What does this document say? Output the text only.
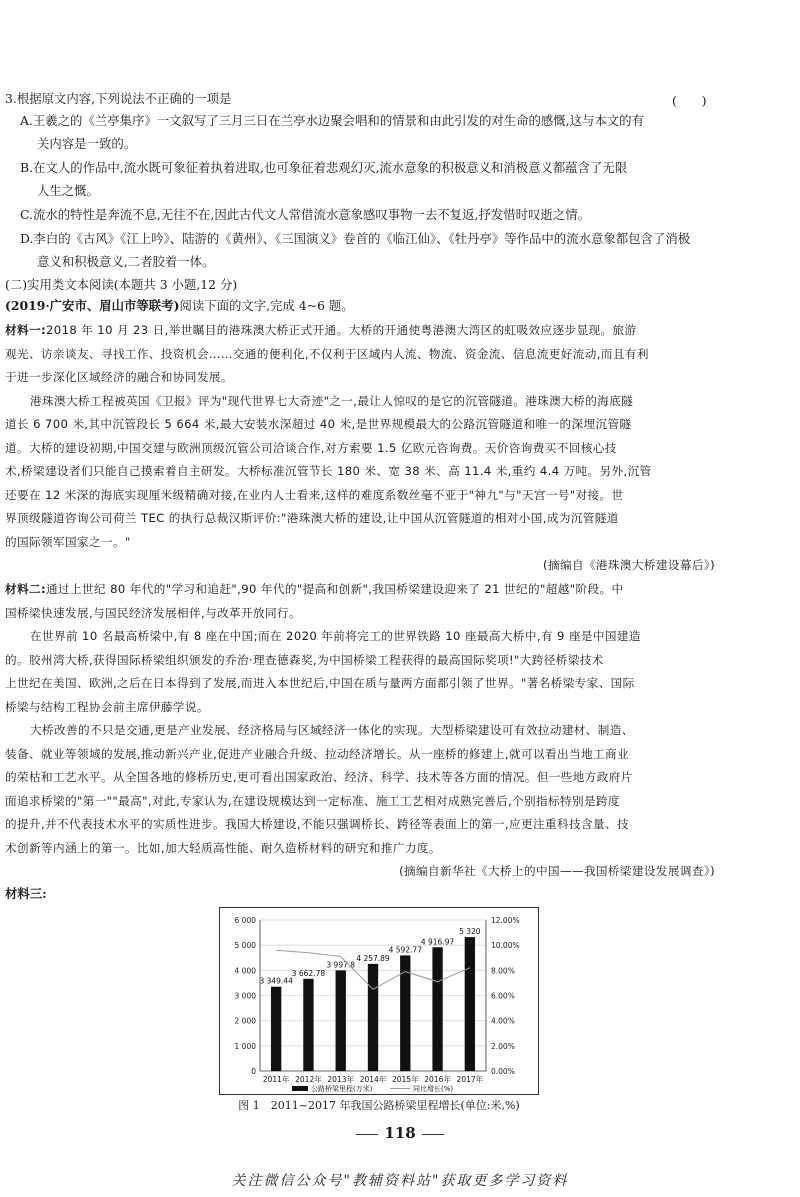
3.根据原文内容,下列说法不正确的一项是	(　　)
A.王羲之的《兰亭集序》一文叙写了三月三日在兰亭水边聚会唱和的情景和由此引发的对生命的感慨,这与本文的有
关内容是一致的。
B.在文人的作品中,流水既可象征着执着进取,也可象征着悲观幻灭,流水意象的积极意义和消极意义都蕴含了无限
人生之慨。
C.流水的特性是奔流不息,无往不在,因此古代文人常借流水意象感叹事物一去不复返,抒发惜时叹逝之情。
D.李白的《古风》《江上吟》、陆游的《黄州》、《三国演义》卷首的《临江仙》、《牡丹亭》等作品中的流水意象都包含了消极
意义和积极意义,二者胶着一体。
(二)实用类文本阅读(本题共 3 小题,12 分)
(2019·广安市、眉山市等联考)阅读下面的文字,完成 4~6 题。
材料一:2018 年 10 月 23 日,举世瞩目的港珠澳大桥正式开通。大桥的开通使粤港澳大湾区的虹吸效应逐步显现。旅游
观光、访亲谈友、寻找工作、投资机会……交通的便利化,不仅利于区域内人流、物流、资金流、信息流更好流动,而且有利
于进一步深化区域经济的融合和协同发展。
港珠澳大桥工程被英国《卫报》评为"现代世界七大奇迹"之一,最让人惊叹的是它的沉管隧道。港珠澳大桥的海底隧
道长 6 700 米,其中沉管段长 5 664 米,最大安装水深超过 40 米,是世界规模最大的公路沉管隧道和唯一的深埋沉管隧
道。大桥的建设初期,中国交建与欧洲顶级沉管公司洽谈合作,对方索要 1.5 亿欧元咨询费。天价咨询费买不回核心技
术,桥梁建设者们只能自己摸索着自主研发。大桥标准沉管节长 180 米、宽 38 米、高 11.4 米,重约 4.4 万吨。另外,沉管
还要在 12 米深的海底实现厘米级精确对接,在业内人士看来,这样的难度系数丝毫不亚于"神九"与"天宫一号"对接。世
界顶级隧道咨询公司荷兰 TEC 的执行总裁汉斯评价:"港珠澳大桥的建设,让中国从沉管隧道的相对小国,成为沉管隧道
的国际领军国家之一。"
(摘编自《港珠澳大桥建设幕后》)
材料二:通过上世纪 80 年代的"学习和追赶",90 年代的"提高和创新",我国桥梁建设迎来了 21 世纪的"超越"阶段。中
国桥梁快速发展,与国民经济发展相伴,与改革开放同行。
在世界前 10 名最高桥梁中,有 8 座在中国;而在 2020 年前将完工的世界铁路 10 座最高大桥中,有 9 座是中国建造
的。胶州湾大桥,获得国际桥梁组织颁发的乔治·理查德森奖,为中国桥梁工程获得的最高国际奖项!"大跨径桥梁技术
上世纪在美国、欧洲,之后在日本得到了发展,而进入本世纪后,中国在质与量两方面都引领了世界。"著名桥梁专家、国际
桥梁与结构工程协会前主席伊藤学说。
大桥改善的不只是交通,更是产业发展、经济格局与区域经济一体化的实现。大型桥梁建设可有效拉动建材、制造、
装备、就业等领域的发展,推动新兴产业,促进产业融合升级、拉动经济增长。从一座桥的修建上,就可以看出当地工商业
的荣枯和工艺水平。从全国各地的修桥历史,更可看出国家政治、经济、科学、技术等各方面的情况。但一些地方政府片
面追求桥梁的"第一""最高",对此,专家认为,在建设规模达到一定标准、施工工艺相对成熟完善后,个别指标特别是跨度
的提升,并不代表技术水平的实质性进步。我国大桥建设,不能只强调桥长、跨径等表面上的第一,应更注重科技含量、技
术创新等内涵上的第一。比如,加大轻质高性能、耐久造桥材料的研究和推广力度。
(摘编自新华社《大桥上的中国——我国桥梁建设发展调查》)
材料三:
0
1 000
2 000
3 000
4 000
5 000
6 000
0.00%
2.00%
4.00%
6.00%
8.00%
10.00%
12.00%
3 349.44
2011年
3 662.78
2012年
3 997.8
2013年
4 257.89
2014年
4 592.77
2015年
4 916.97
2016年
5 320
2017年
公路桥梁里程(万米)	同比增长(%)
图 1　2011~2017 年我国公路桥梁里程增长(单位:米,%)
118
关注微信公众号"教辅资料站"获取更多学习资料
